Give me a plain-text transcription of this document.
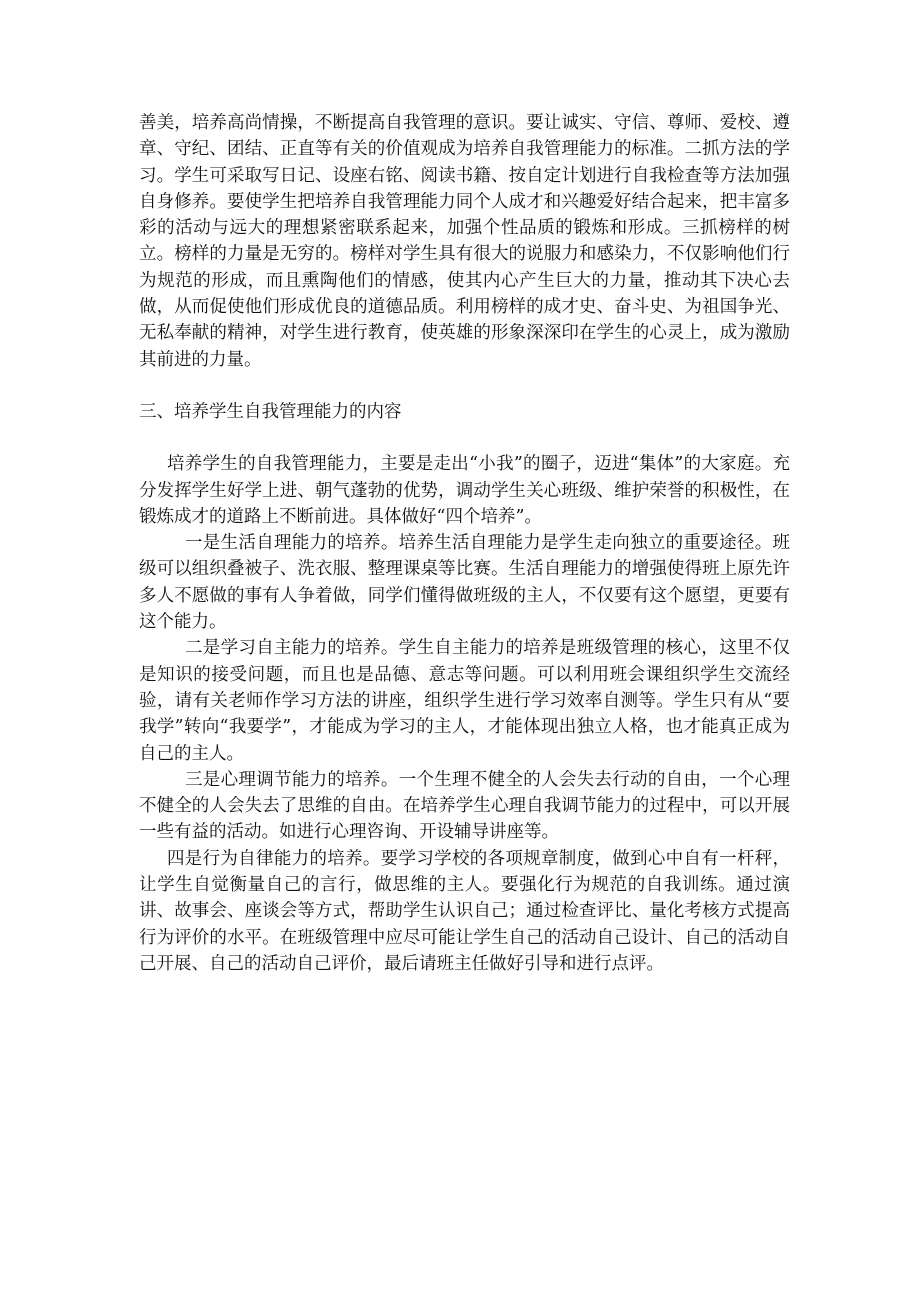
善美，培养高尚情操，不断提高自我管理的意识。要让诚实、守信、尊师、爱校、遵章、守纪、团结、正直等有关的价值观成为培养自我管理能力的标准。二抓方法的学习。学生可采取写日记、设座右铭、阅读书籍、按自定计划进行自我检查等方法加强自身修养。要使学生把培养自我管理能力同个人成才和兴趣爱好结合起来，把丰富多彩的活动与远大的理想紧密联系起来，加强个性品质的锻炼和形成。三抓榜样的树立。榜样的力量是无穷的。榜样对学生具有很大的说服力和感染力，不仅影响他们行为规范的形成，而且熏陶他们的情感，使其内心产生巨大的力量，推动其下决心去做，从而促使他们形成优良的道德品质。利用榜样的成才史、奋斗史、为祖国争光、无私奉献的精神，对学生进行教育，使英雄的形象深深印在学生的心灵上，成为激励其前进的力量。

三、培养学生自我管理能力的内容

培养学生的自我管理能力，主要是走出“小我”的圈子，迈进“集体”的大家庭。充分发挥学生好学上进、朝气蓬勃的优势，调动学生关心班级、维护荣誉的积极性，在锻炼成才的道路上不断前进。具体做好“四个培养”。

一是生活自理能力的培养。培养生活自理能力是学生走向独立的重要途径。班级可以组织叠被子、洗衣服、整理课桌等比赛。生活自理能力的增强使得班上原先许多人不愿做的事有人争着做，同学们懂得做班级的主人，不仅要有这个愿望，更要有这个能力。

二是学习自主能力的培养。学生自主能力的培养是班级管理的核心，这里不仅是知识的接受问题，而且也是品德、意志等问题。可以利用班会课组织学生交流经验，请有关老师作学习方法的讲座，组织学生进行学习效率自测等。学生只有从“要我学”转向“我要学”，才能成为学习的主人，才能体现出独立人格，也才能真正成为自己的主人。

三是心理调节能力的培养。一个生理不健全的人会失去行动的自由，一个心理不健全的人会失去了思维的自由。在培养学生心理自我调节能力的过程中，可以开展一些有益的活动。如进行心理咨询、开设辅导讲座等。

四是行为自律能力的培养。要学习学校的各项规章制度，做到心中自有一杆秤，让学生自觉衡量自己的言行，做思维的主人。要强化行为规范的自我训练。通过演讲、故事会、座谈会等方式，帮助学生认识自己；通过检查评比、量化考核方式提高行为评价的水平。在班级管理中应尽可能让学生自己的活动自己设计、自己的活动自己开展、自己的活动自己评价，最后请班主任做好引导和进行点评。
